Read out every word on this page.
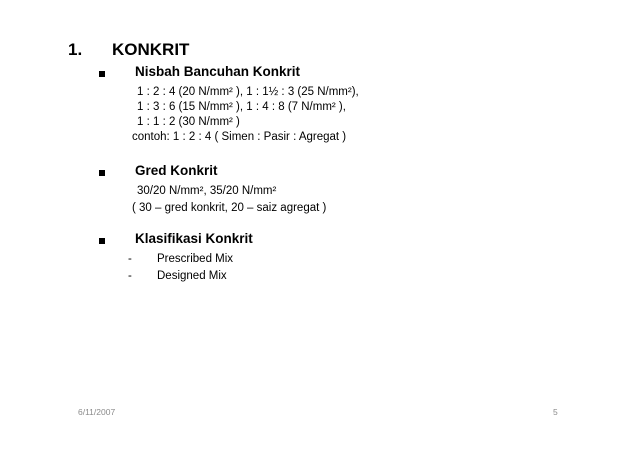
1. KONKRIT
Nisbah Bancuhan Konkrit
1 : 2 : 4 (20 N/mm² ), 1 : 1½ : 3 (25 N/mm²),
1 : 3 : 6 (15 N/mm² ), 1 : 4 : 8 (7 N/mm² ),
1 : 1 : 2 (30 N/mm² )
contoh: 1 : 2 : 4 ( Simen : Pasir : Agregat )
Gred Konkrit
30/20 N/mm², 35/20 N/mm²
( 30 – gred konkrit, 20 – saiz agregat )
Klasifikasi Konkrit
- Prescribed Mix
- Designed Mix
6/11/2007	5
